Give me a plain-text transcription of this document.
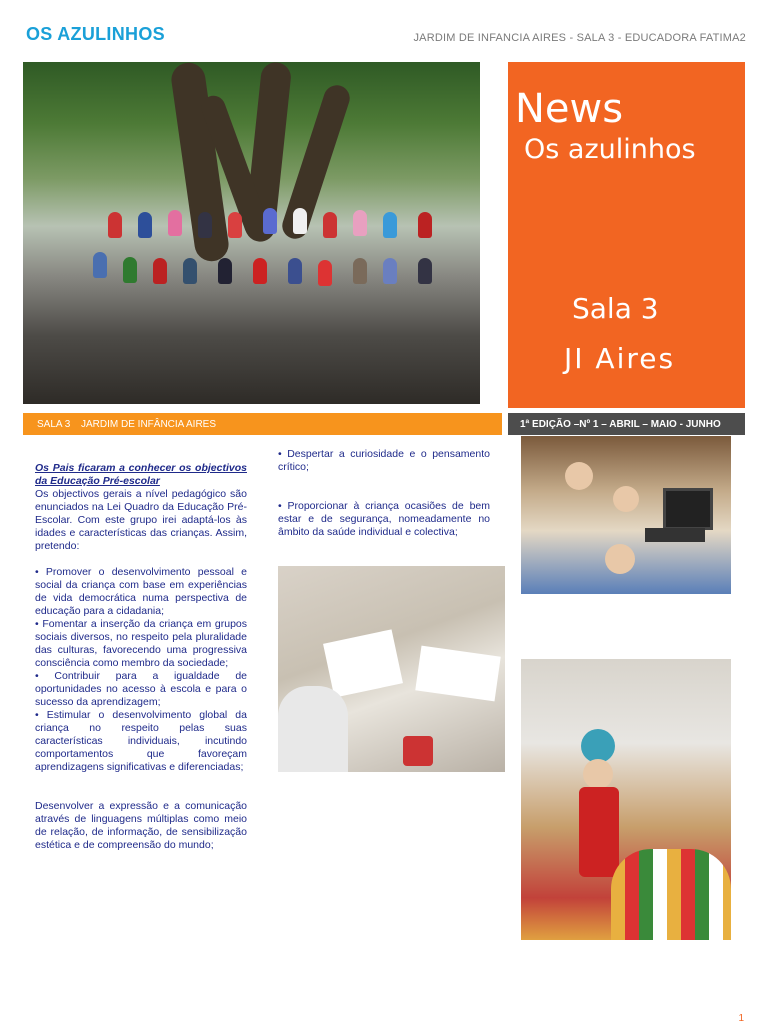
OS AZULINHOS	JARDIM DE INFANCIA AIRES - SALA 3 - EDUCADORA FATIMA2
News
Os azulinhos
Sala 3
JI Aires
SALA 3 JARDIM DE INFÂNCIA AIRES	1ª EDIÇÃO –Nº 1 – ABRIL – MAIO - JUNHO

Os Pais ficaram a conhecer os objectivos da Educação Pré-escolar

Os objectivos gerais a nível pedagógico são enunciados na Lei Quadro da Educação Pré- Escolar. Com este grupo irei adaptá-los às idades e características das crianças. Assim, pretendo:

• Promover o desenvolvimento pessoal e social da criança com base em experiências de vida democrática numa perspectiva de educação para a cidadania;

• Fomentar a inserção da criança em grupos sociais diversos, no respeito pela pluralidade das culturas, favorecendo uma progressiva consciência como membro da sociedade;

• Contribuir para a igualdade de oportunidades no acesso à escola e para o sucesso da aprendizagem;

• Estimular o desenvolvimento global da criança no respeito pelas suas características individuais, incutindo comportamentos que favoreçam aprendizagens significativas e diferenciadas;

Desenvolver a expressão e a comunicação através de linguagens múltiplas como meio de relação, de informação, de sensibilização estética e de compreensão do mundo;

• Despertar a curiosidade e o pensamento crítico;

• Proporcionar à criança ocasiões de bem estar e de segurança, nomeadamente no âmbito da saúde individual e colectiva;

1
